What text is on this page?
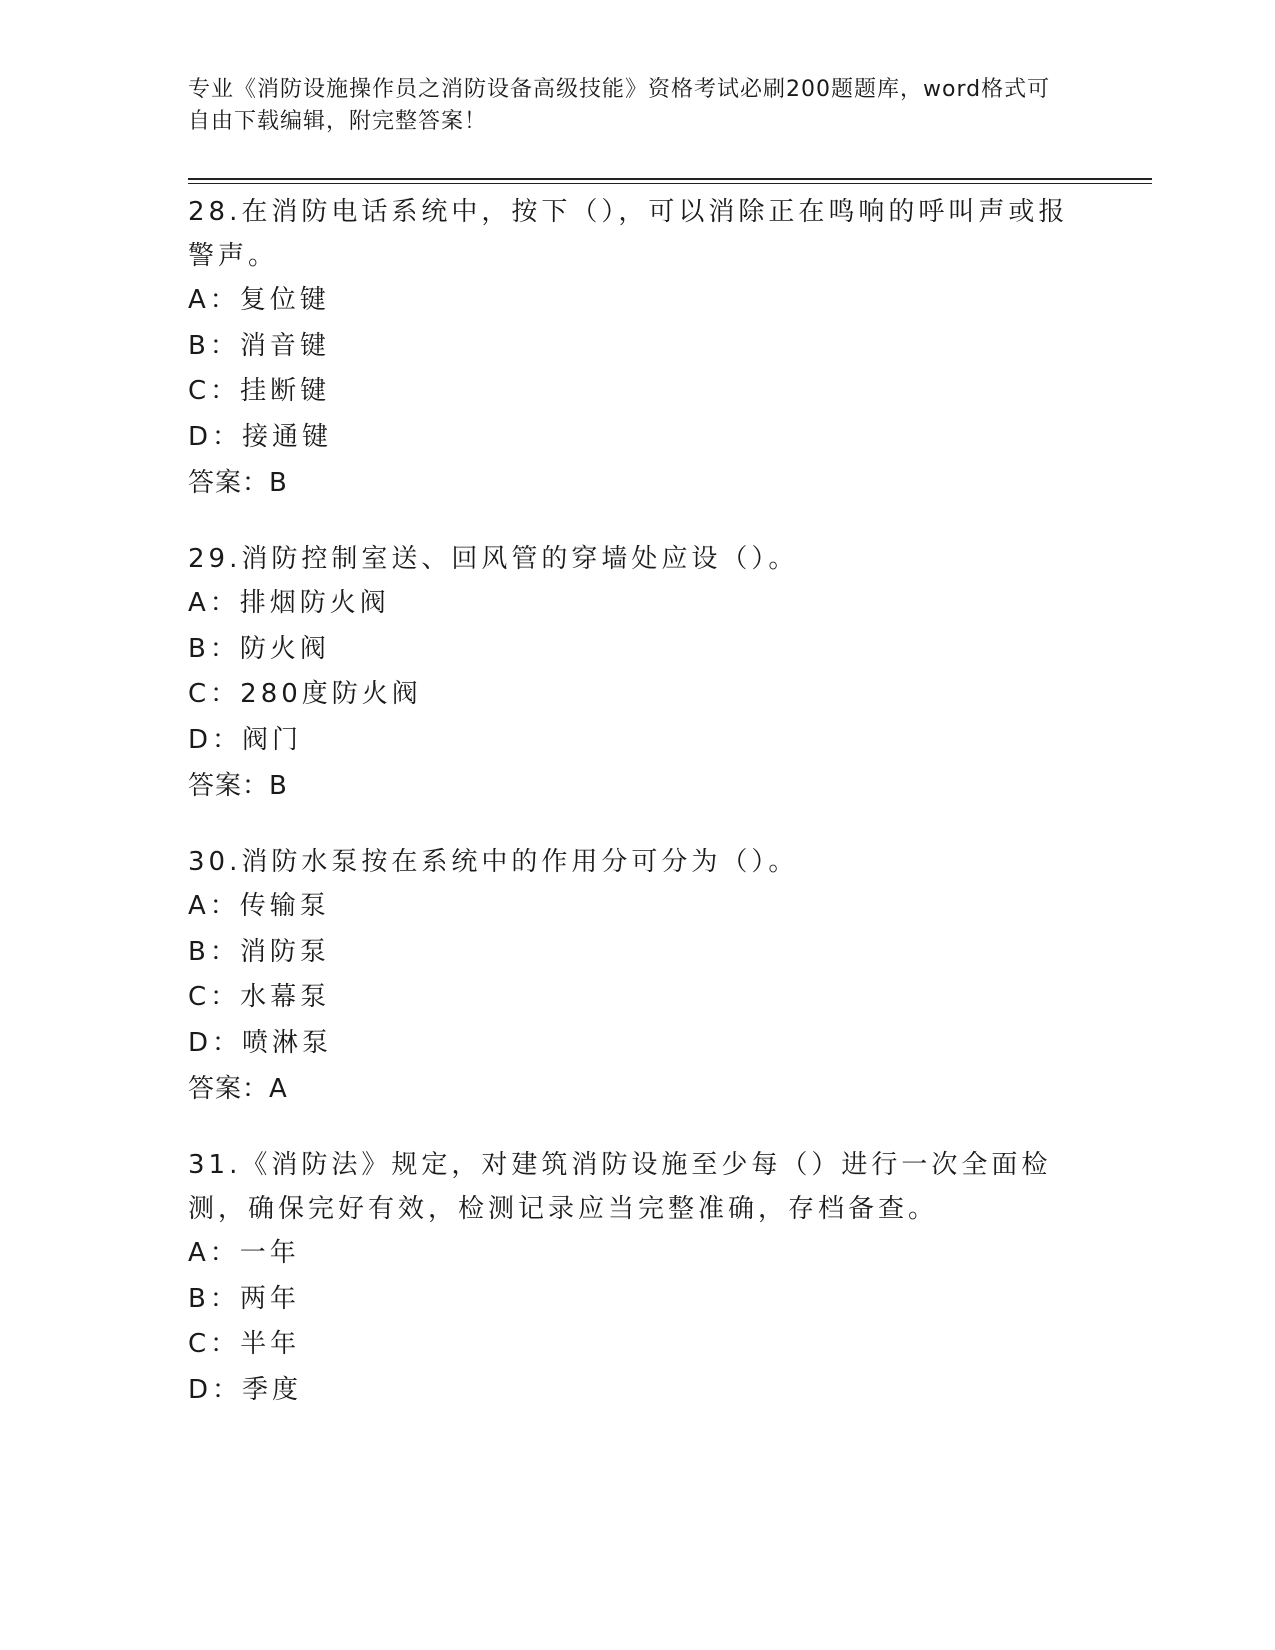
专业《消防设施操作员之消防设备高级技能》资格考试必刷200题题库，word格式可自由下载编辑，附完整答案！
28.在消防电话系统中，按下（），可以消除正在鸣响的呼叫声或报警声。
A：复位键
B：消音键
C：挂断键
D：接通键
答案：B
29.消防控制室送、回风管的穿墙处应设（）。
A：排烟防火阀
B：防火阀
C：280度防火阀
D：阀门
答案：B
30.消防水泵按在系统中的作用分可分为（）。
A：传输泵
B：消防泵
C：水幕泵
D：喷淋泵
答案：A
31.《消防法》规定，对建筑消防设施至少每（）进行一次全面检测，确保完好有效，检测记录应当完整准确，存档备查。
A：一年
B：两年
C：半年
D：季度
